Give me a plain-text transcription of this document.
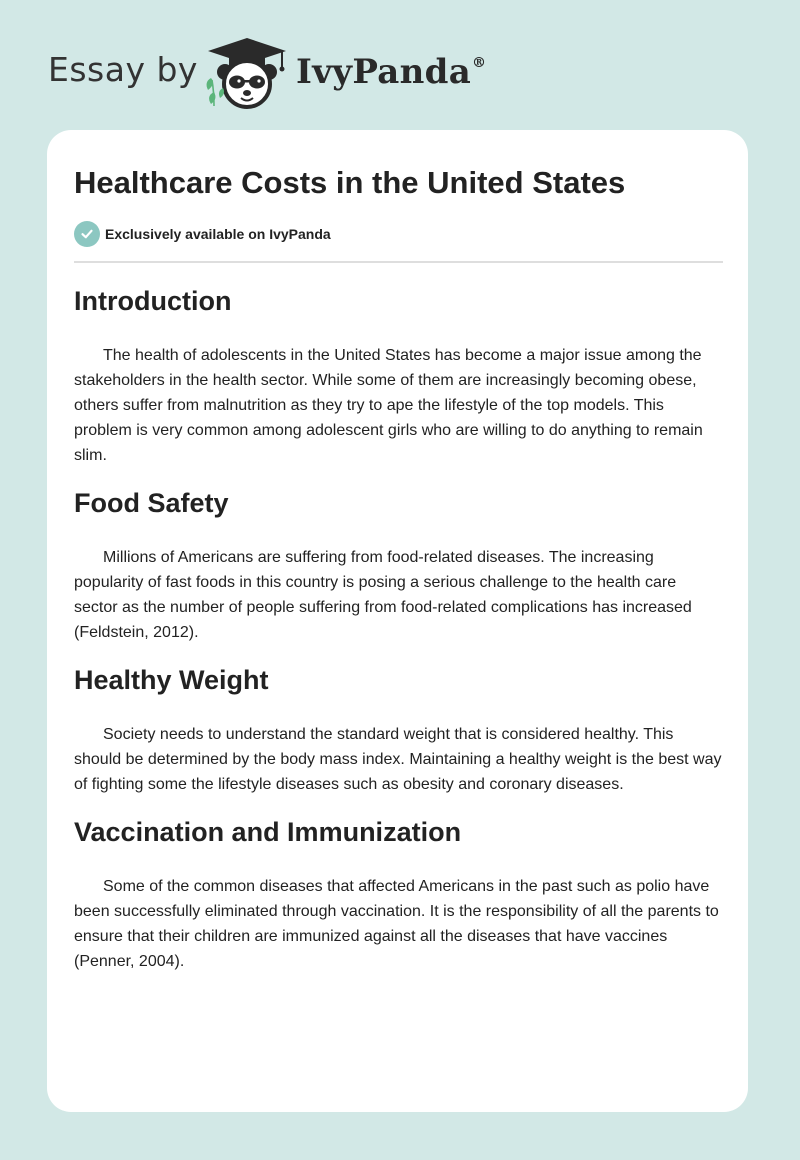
Essay by	IvyPanda®
Healthcare Costs in the United States
Exclusively available on IvyPanda
Introduction

The health of adolescents in the United States has become a major issue among the stakeholders in the health sector. While some of them are increasingly becoming obese, others suffer from malnutrition as they try to ape the lifestyle of the top models. This problem is very common among adolescent girls who are willing to do anything to remain slim.

Food Safety

Millions of Americans are suffering from food-related diseases. The increasing popularity of fast foods in this country is posing a serious challenge to the health care sector as the number of people suffering from food-related complications has increased (Feldstein, 2012).

Healthy Weight

Society needs to understand the standard weight that is considered healthy. This should be determined by the body mass index. Maintaining a healthy weight is the best way of fighting some the lifestyle diseases such as obesity and coronary diseases.

Vaccination and Immunization

Some of the common diseases that affected Americans in the past such as polio have been successfully eliminated through vaccination. It is the responsibility of all the parents to ensure that their children are immunized against all the diseases that have vaccines (Penner, 2004).
